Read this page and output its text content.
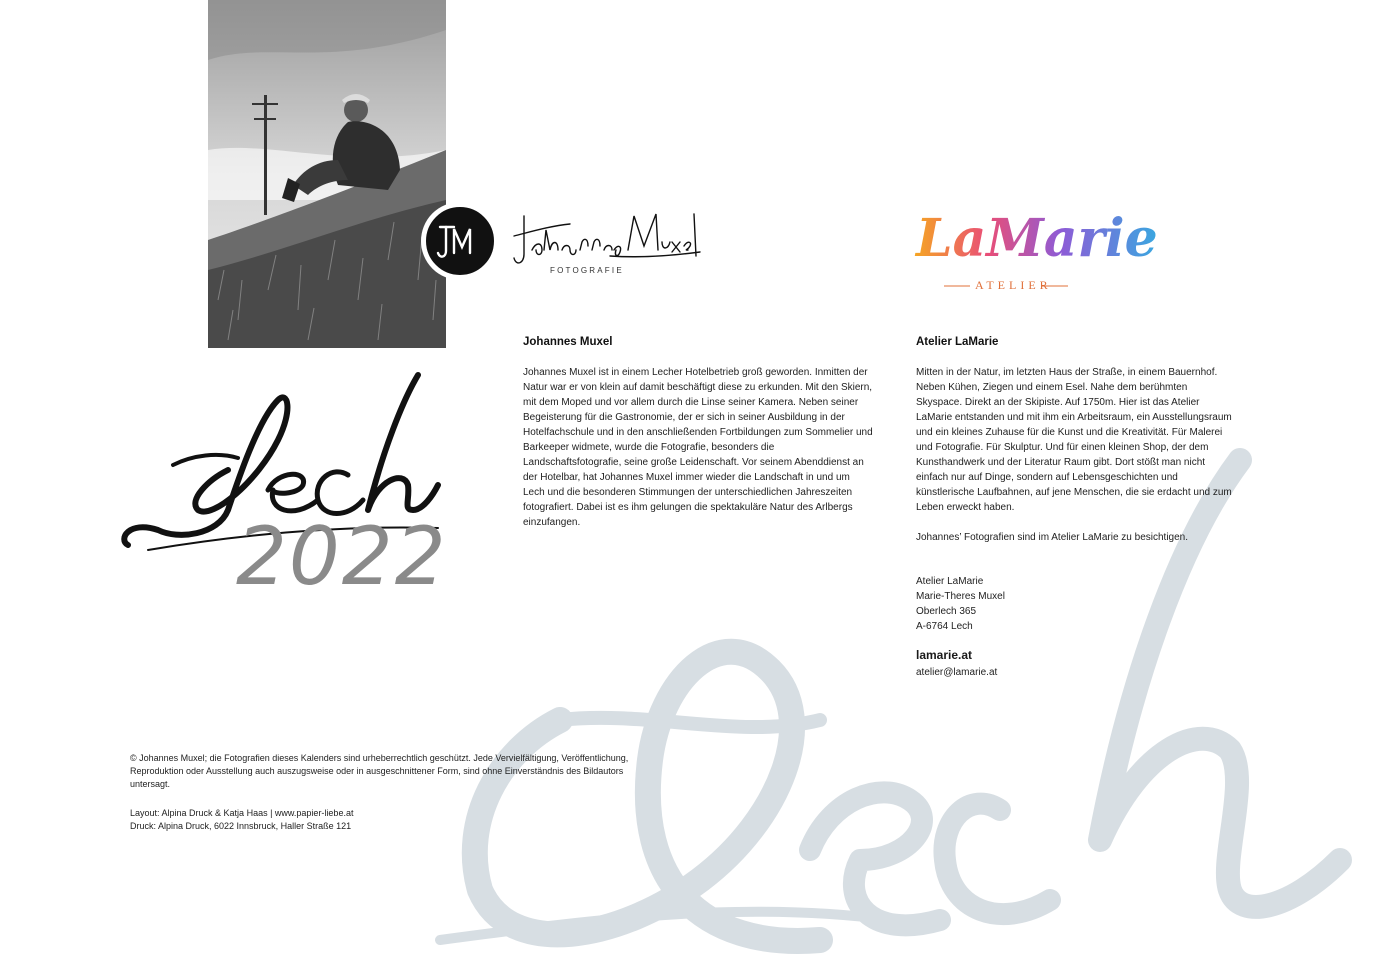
FOTOGRAFIE
LaMarie
ATELIER
2022
Johannes Muxel
Johannes Muxel ist in einem Lecher Hotelbetrieb groß geworden. Inmitten der Natur war er von klein auf damit beschäftigt diese zu erkunden. Mit den Skiern, mit dem Moped und vor allem durch die Linse seiner Kamera. Neben seiner Begeisterung für die Gastronomie, der er sich in seiner Ausbildung in der Hotelfachschule und in den anschließenden Fortbildungen zum Sommelier und Barkeeper widmete, wurde die Fotografie, besonders die Landschaftsfotografie, seine große Leidenschaft. Vor seinem Abenddienst an der Hotelbar, hat Johannes Muxel immer wieder die Landschaft in und um Lech und die besonderen Stimmungen der unterschiedlichen Jahreszeiten fotografiert. Dabei ist es ihm gelungen die spektakuläre Natur des Arlbergs einzufangen.
Atelier LaMarie
Mitten in der Natur, im letzten Haus der Straße, in einem Bauernhof. Neben Kühen, Ziegen und einem Esel. Nahe dem berühmten Skyspace. Direkt an der Skipiste. Auf 1750m. Hier ist das Atelier LaMarie entstanden und mit ihm ein Arbeitsraum, ein Ausstellungsraum und ein kleines Zuhause für die Kunst und die Kreativität. Für Malerei und Fotografie. Für Skulptur. Und für einen kleinen Shop, der dem Kunsthandwerk und der Literatur Raum gibt. Dort stößt man nicht einfach nur auf Dinge, sondern auf Lebensgeschichten und künstlerische Laufbahnen, auf jene Menschen, die sie erdacht und zum Leben erweckt haben.
Johannes’ Fotografien sind im Atelier LaMarie zu besichtigen.
Atelier LaMarie
Marie-Theres Muxel
Oberlech 365
A-6764 Lech
lamarie.at
atelier@lamarie.at
© Johannes Muxel; die Fotografien dieses Kalenders sind urheberrechtlich geschützt. Jede Vervielfältigung, Veröffentlichung, Reproduktion oder Ausstellung auch auszugsweise oder in ausgeschnittener Form, sind ohne Einverständnis des Bildautors untersagt.
Layout: Alpina Druck & Katja Haas | www.papier-liebe.at
Druck: Alpina Druck, 6022 Innsbruck, Haller Straße 121
